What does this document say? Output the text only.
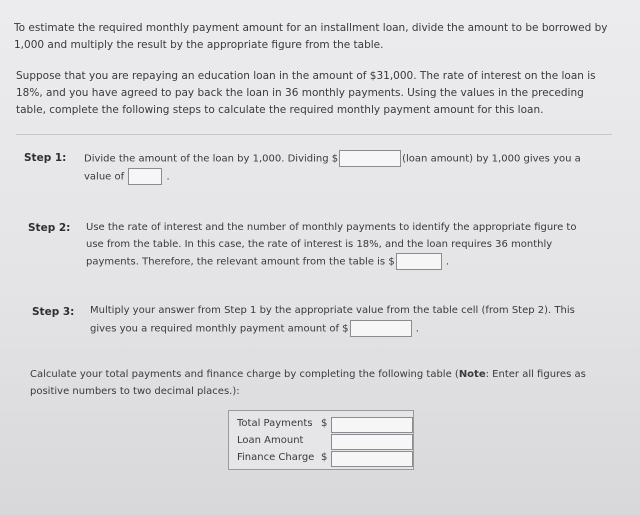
To estimate the required monthly payment amount for an installment loan, divide the amount to be borrowed by 1,000 and multiply the result by the appropriate figure from the table.

Suppose that you are repaying an education loan in the amount of $31,000. The rate of interest on the loan is 18%, and you have agreed to pay back the loan in 36 monthly payments. Using the values in the preceding table, complete the following steps to calculate the required monthly payment amount for this loan.

Step 1: Divide the amount of the loan by 1,000. Dividing $	(loan amount) by 1,000 gives you a
value of	.
Step 2: Use the rate of interest and the number of monthly payments to identify the appropriate figure to use from the table. In this case, the rate of interest is 18%, and the loan requires 36 monthly payments. Therefore, the relevant amount from the table is $	.
Step 3: Multiply your answer from Step 1 by the appropriate value from the table cell (from Step 2). This gives you a required monthly payment amount of $	.

Calculate your total payments and finance charge by completing the following table (Note: Enter all figures as positive numbers to two decimal places.):

Total Payments $
Loan Amount
Finance Charge $
